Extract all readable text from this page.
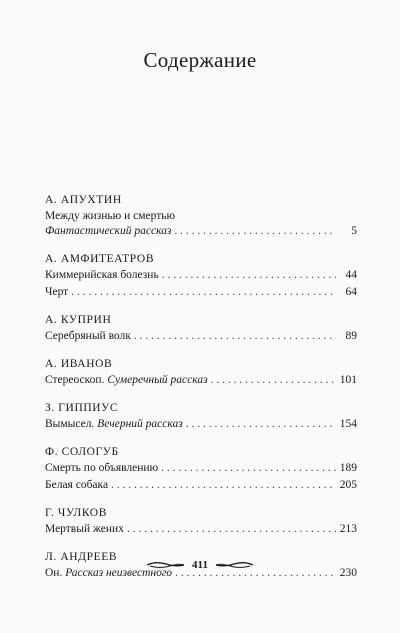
Содержание
А. АПУХТИН
Между жизнью и смертью
Фантастический рассказ . . .	5
А. АМФИТЕАТРОВ
Киммерийская болезнь . . .	44
Черт . . .	64
А. КУПРИН
Серебряный волк . . .	89
А. ИВАНОВ
Стереоскоп. Сумеречный рассказ . . .	101
З. ГИППИУС
Вымысел. Вечерний рассказ . . .	154
Ф. СОЛОГУБ
Смерть по объявлению . . .	189
Белая собака . . .	205
Г. ЧУЛКОВ
Мертвый жених . . .	213
Л. АНДРЕЕВ
Он. Рассказ неизвестного . . .	230
411
